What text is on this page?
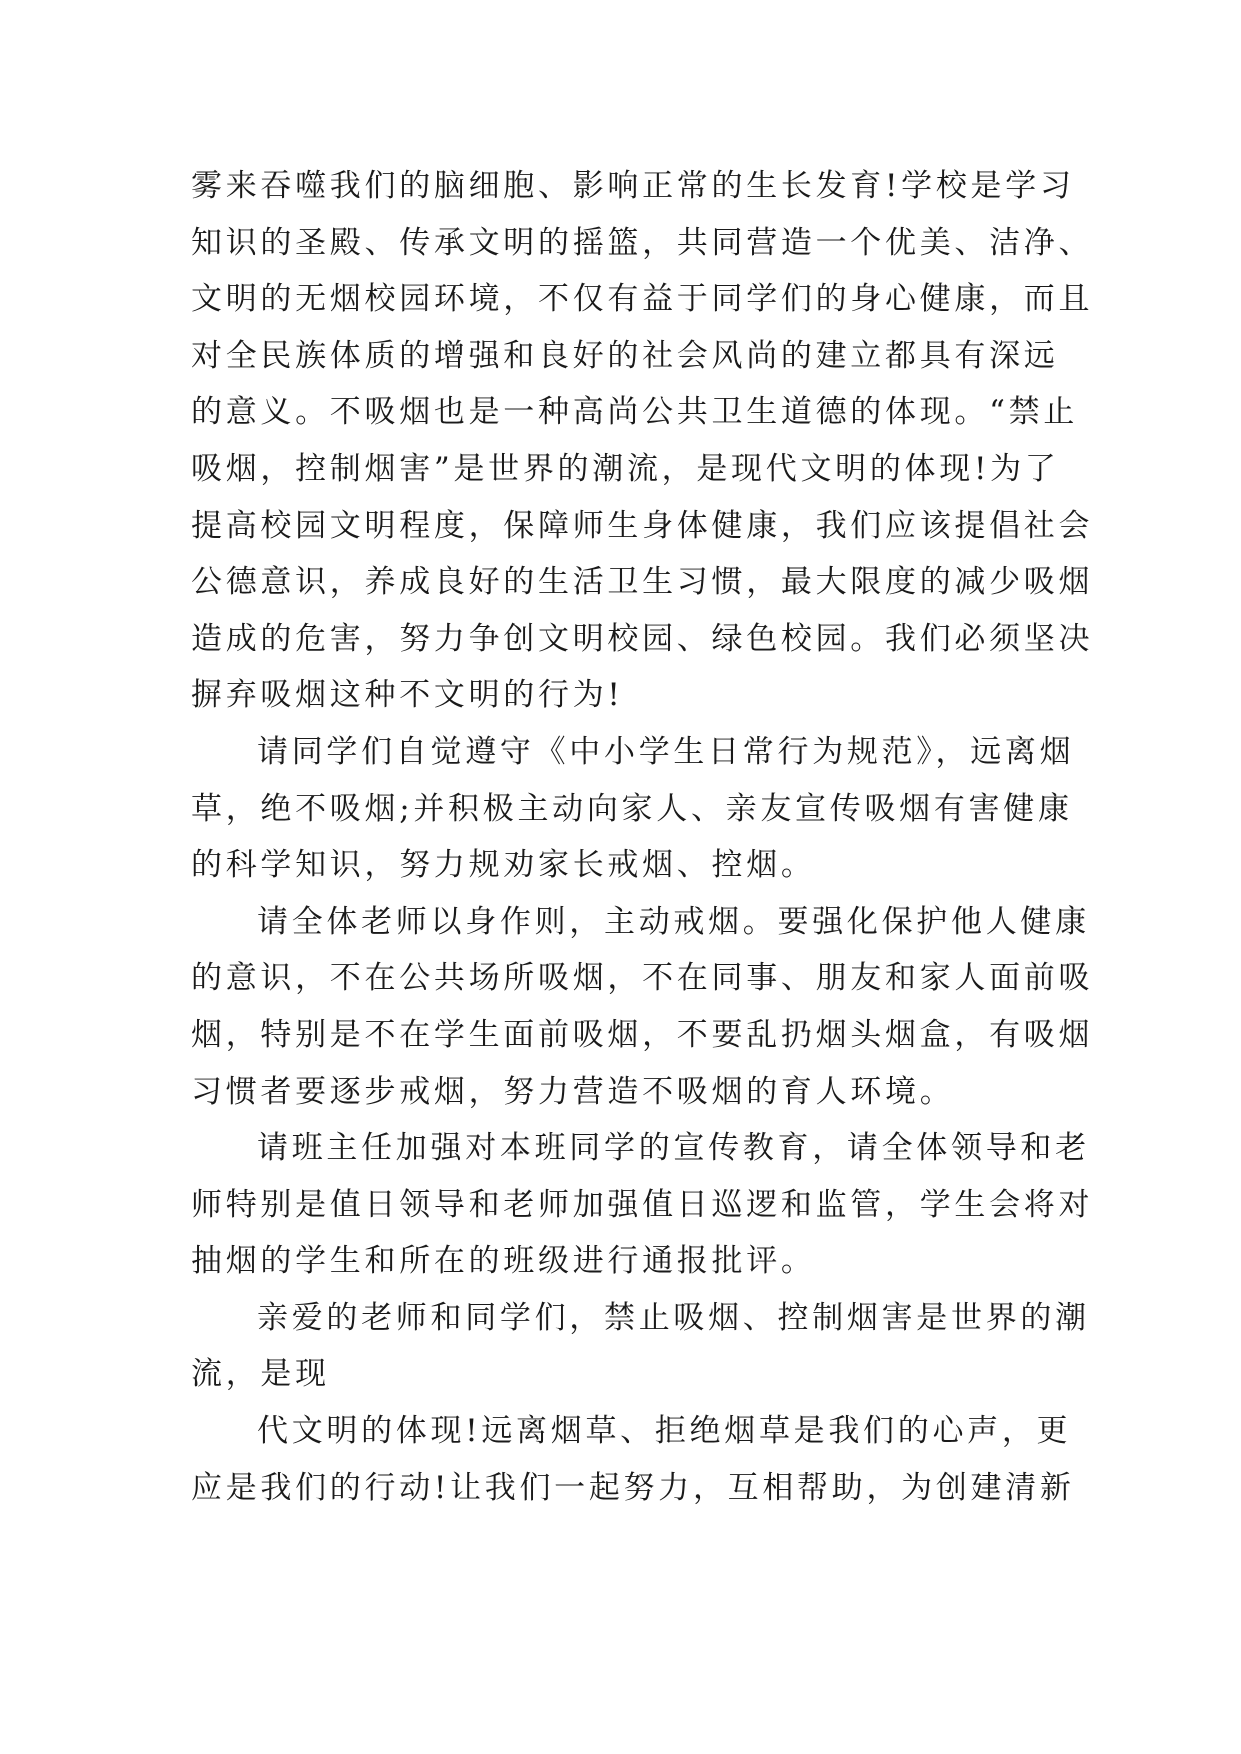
雾来吞噬我们的脑细胞、影响正常的生长发育!学校是学习
知识的圣殿、传承文明的摇篮，共同营造一个优美、洁净、
文明的无烟校园环境，不仅有益于同学们的身心健康，而且
对全民族体质的增强和良好的社会风尚的建立都具有深远
的意义。不吸烟也是一种高尚公共卫生道德的体现。“禁止
吸烟，控制烟害”是世界的潮流，是现代文明的体现!为了
提高校园文明程度，保障师生身体健康，我们应该提倡社会
公德意识，养成良好的生活卫生习惯，最大限度的减少吸烟
造成的危害，努力争创文明校园、绿色校园。我们必须坚决
摒弃吸烟这种不文明的行为!
请同学们自觉遵守《中小学生日常行为规范》，远离烟
草，绝不吸烟;并积极主动向家人、亲友宣传吸烟有害健康
的科学知识，努力规劝家长戒烟、控烟。
请全体老师以身作则，主动戒烟。要强化保护他人健康
的意识，不在公共场所吸烟，不在同事、朋友和家人面前吸
烟，特别是不在学生面前吸烟，不要乱扔烟头烟盒，有吸烟
习惯者要逐步戒烟，努力营造不吸烟的育人环境。
请班主任加强对本班同学的宣传教育，请全体领导和老
师特别是值日领导和老师加强值日巡逻和监管，学生会将对
抽烟的学生和所在的班级进行通报批评。
亲爱的老师和同学们，禁止吸烟、控制烟害是世界的潮
流，是现
代文明的体现!远离烟草、拒绝烟草是我们的心声，更
应是我们的行动!让我们一起努力，互相帮助，为创建清新
